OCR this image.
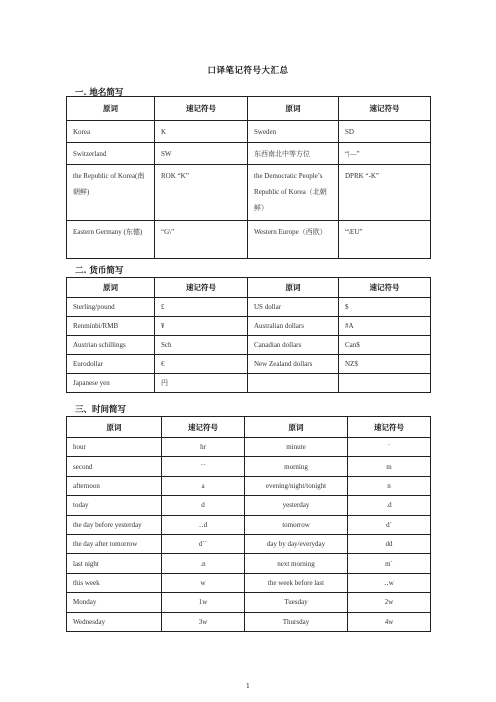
口译笔记符号大汇总
一. 地名简写
原词	速记符号	原词	速记符号
Korea	K	Sweden	SD
Switzerland	SW	东西南北中等方位	“|—”
the Republic of Korea(南朝鲜)	ROK “K”	the Democratic People’s Republic of Korea（北朝鲜）	DPRK “-K”
Eastern Germany (东德)	“G\”	Western Europe（西欧）	“\EU”
二. 货币简写
原词	速记符号	原词	速记符号
Sterling/pound	£	US dollar	$
Renminbi/RMB	¥	Australian dollars	#A
Austrian schillings	Sch	Canadian dollars	Can$
Eurodollar	€	New Zealand dollars	NZ$
Japanese yen	円		
三、时间简写
原词	速记符号	原词	速记符号
hour	hr	minute	`
second	``	morning	m
afternoon	a	evening/night/tonight	n
today	d	yesterday	.d
the day before yesterday	‥d	tomorrow	d`
the day after tomorrow	d``	day by day/everyday	dd
last night	.n	next morning	m`
this week	w	the week before last	‥w
Monday	1w	Tuesday	2w
Wednesday	3w	Thursday	4w
1
